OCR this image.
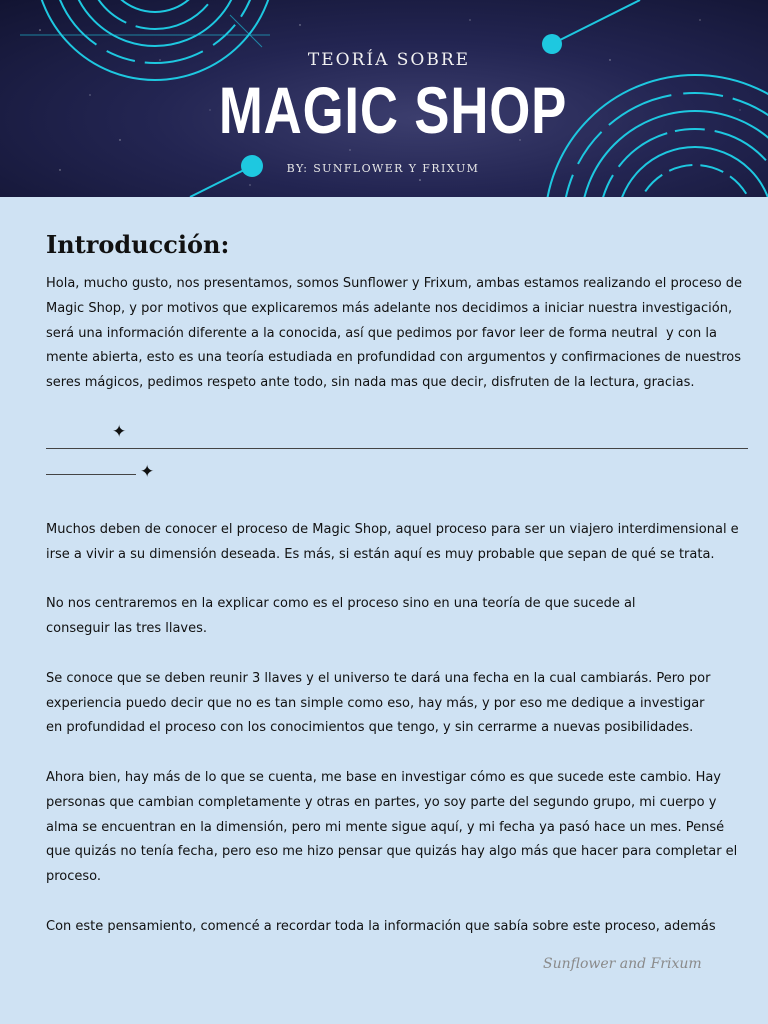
TEORÍA SOBRE
MAGIC SHOP
BY: SUNFLOWER Y FRIXUM
Introducción:

Hola, mucho gusto, nos presentamos, somos Sunflower y Frixum, ambas estamos realizando el proceso de Magic Shop, y por motivos que explicaremos más adelante nos decidimos a iniciar nuestra investigación, será una información diferente a la conocida, así que pedimos por favor leer de forma neutral  y con la mente abierta, esto es una teoría estudiada en profundidad con argumentos y confirmaciones de nuestros seres mágicos, pedimos respeto ante todo, sin nada mas que decir, disfruten de la lectura, gracias.

✦
✦

Muchos deben de conocer el proceso de Magic Shop, aquel proceso para ser un viajero interdimensional e irse a vivir a su dimensión deseada. Es más, si están aquí es muy probable que sepan de qué se trata.

No nos centraremos en la explicar como es el proceso sino en una teoría de que sucede al
conseguir las tres llaves.

Se conoce que se deben reunir 3 llaves y el universo te dará una fecha en la cual cambiarás. Pero por experiencia puedo decir que no es tan simple como eso, hay más, y por eso me dedique a investigar
en profundidad el proceso con los conocimientos que tengo, y sin cerrarme a nuevas posibilidades.

Ahora bien, hay más de lo que se cuenta, me base en investigar cómo es que sucede este cambio. Hay personas que cambian completamente y otras en partes, yo soy parte del segundo grupo, mi cuerpo y alma se encuentran en la dimensión, pero mi mente sigue aquí, y mi fecha ya pasó hace un mes. Pensé que quizás no tenía fecha, pero eso me hizo pensar que quizás hay algo más que hacer para completar el proceso.

Con este pensamiento, comencé a recordar toda la información que sabía sobre este proceso, además

Sunflower and Frixum
